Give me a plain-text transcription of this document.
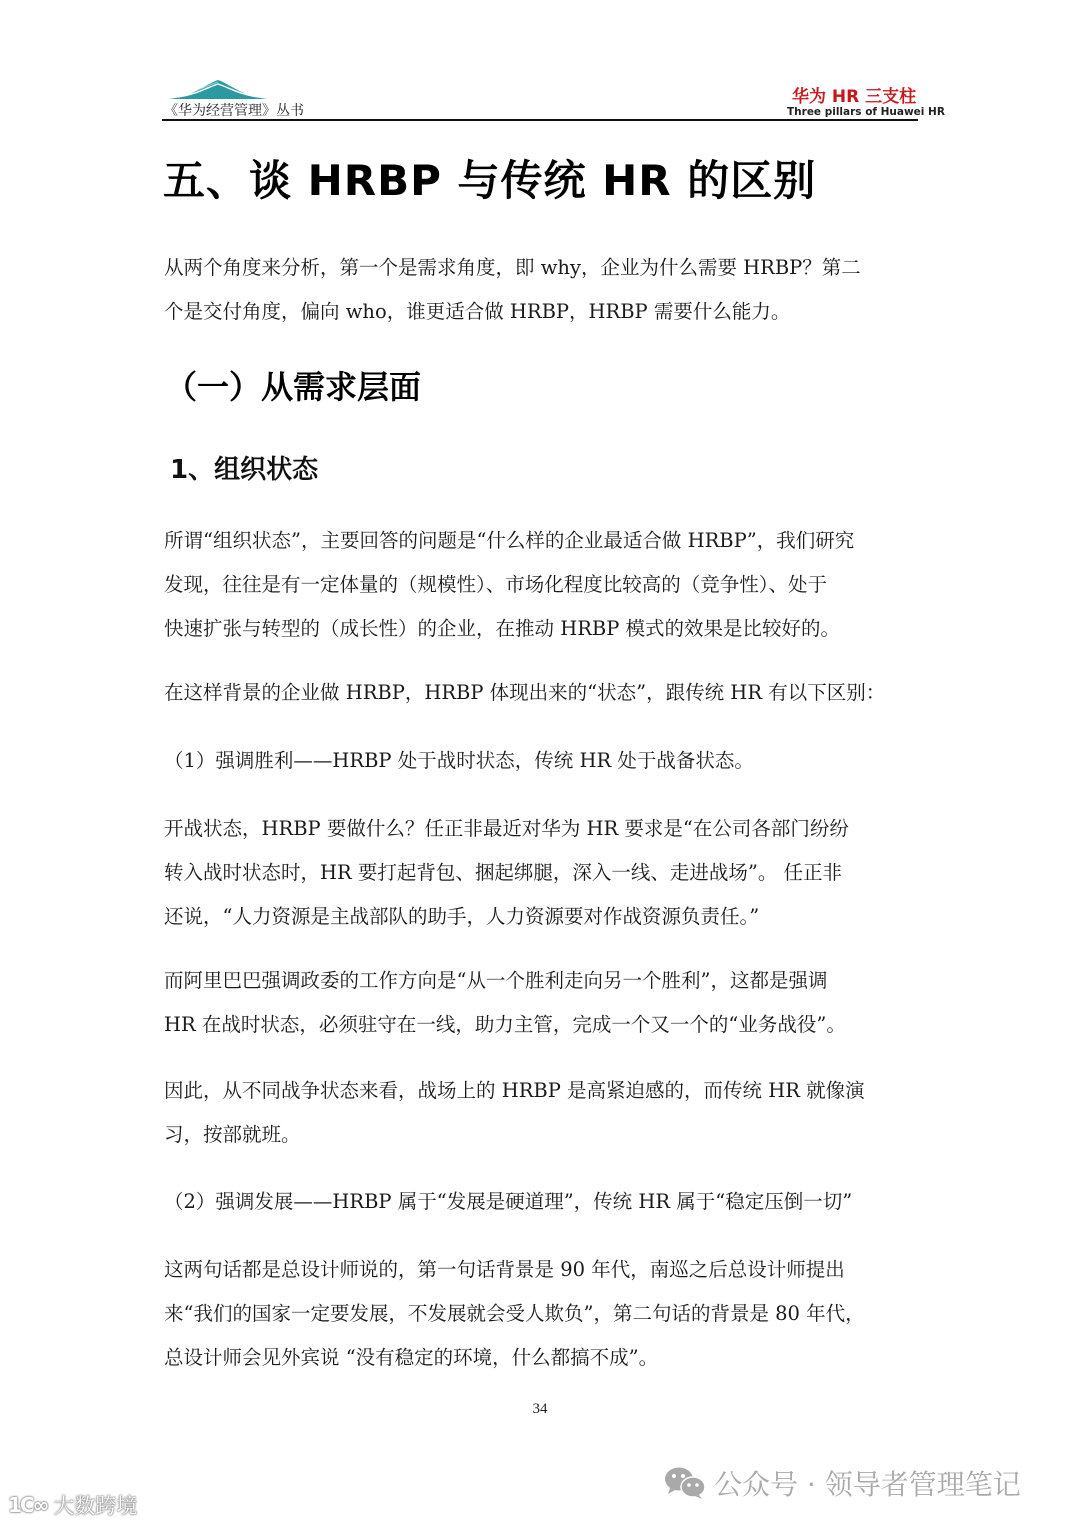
《华为经营管理》丛书
华为 HR 三支柱
Three pillars of Huawei HR
五、谈 HRBP 与传统 HR 的区别
从两个角度来分析，第一个是需求角度，即 why，企业为什么需要 HRBP？第二
个是交付角度，偏向 who，谁更适合做 HRBP，HRBP 需要什么能力。
（一）从需求层面
1、组织状态
所谓“组织状态”，主要回答的问题是“什么样的企业最适合做 HRBP”，我们研究
发现，往往是有一定体量的（规模性）、市场化程度比较高的（竞争性）、处于
快速扩张与转型的（成长性）的企业，在推动 HRBP 模式的效果是比较好的。
在这样背景的企业做 HRBP，HRBP 体现出来的“状态”，跟传统 HR 有以下区别：
（1）强调胜利——HRBP 处于战时状态，传统 HR 处于战备状态。
开战状态，HRBP 要做什么？任正非最近对华为 HR 要求是“在公司各部门纷纷
转入战时状态时，HR 要打起背包、捆起绑腿，深入一线、走进战场”。 任正非
还说，“人力资源是主战部队的助手，人力资源要对作战资源负责任。”
而阿里巴巴强调政委的工作方向是“从一个胜利走向另一个胜利”，这都是强调
HR 在战时状态，必须驻守在一线，助力主管，完成一个又一个的“业务战役”。
因此，从不同战争状态来看，战场上的 HRBP 是高紧迫感的，而传统 HR 就像演
习，按部就班。
（2）强调发展——HRBP 属于“发展是硬道理”，传统 HR 属于“稳定压倒一切”
这两句话都是总设计师说的，第一句话背景是 90 年代，南巡之后总设计师提出
来“我们的国家一定要发展，不发展就会受人欺负”，第二句话的背景是 80 年代，
总设计师会见外宾说 “没有稳定的环境，什么都搞不成”。
34
1C∞ 大数跨境
公众号 · 领导者管理笔记
